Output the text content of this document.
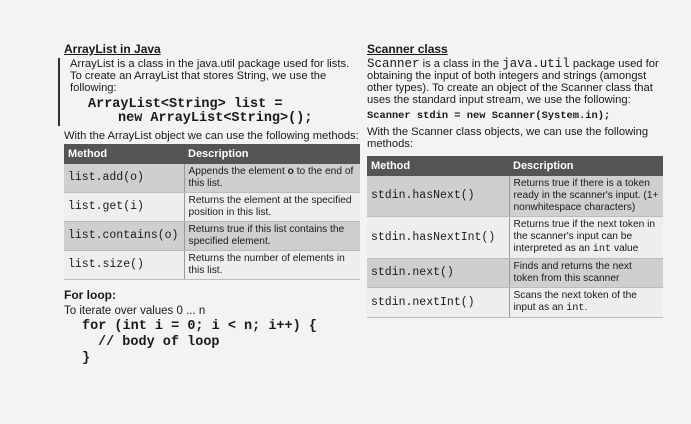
ArrayList in Java

ArrayList is a class in the java.util package used for lists. To create an ArrayList that stores String, we use the following:

ArrayList<String> list =
new ArrayList<String>();

With the ArrayList object we can use the following methods:

Method	Description
list.add(o)	Appends the element o to the end of this list.
list.get(i)	Returns the element at the specified position in this list.
list.contains(o)	Returns true if this list contains the specified element.
list.size()	Returns the number of elements in this list.
For loop:
To iterate over values 0 ... n
for (int i = 0; i < n; i++) {
// body of loop
}
Scanner class

Scanner is a class in the java.util package used for obtaining the input of both integers and strings (amongst other types). To create an object of the Scanner class that uses the standard input stream, we use the following:

Scanner stdin = new Scanner(System.in);

With the Scanner class objects, we can use the following methods:

Method	Description
stdin.hasNext()	Returns true if there is a token ready in the scanner's input. (1+ nonwhitespace characters)
stdin.hasNextInt()	Returns true if the next token in the scanner's input can be interpreted as an int value
stdin.next()	Finds and returns the next token from this scanner
stdin.nextInt()	Scans the next token of the input as an int.
